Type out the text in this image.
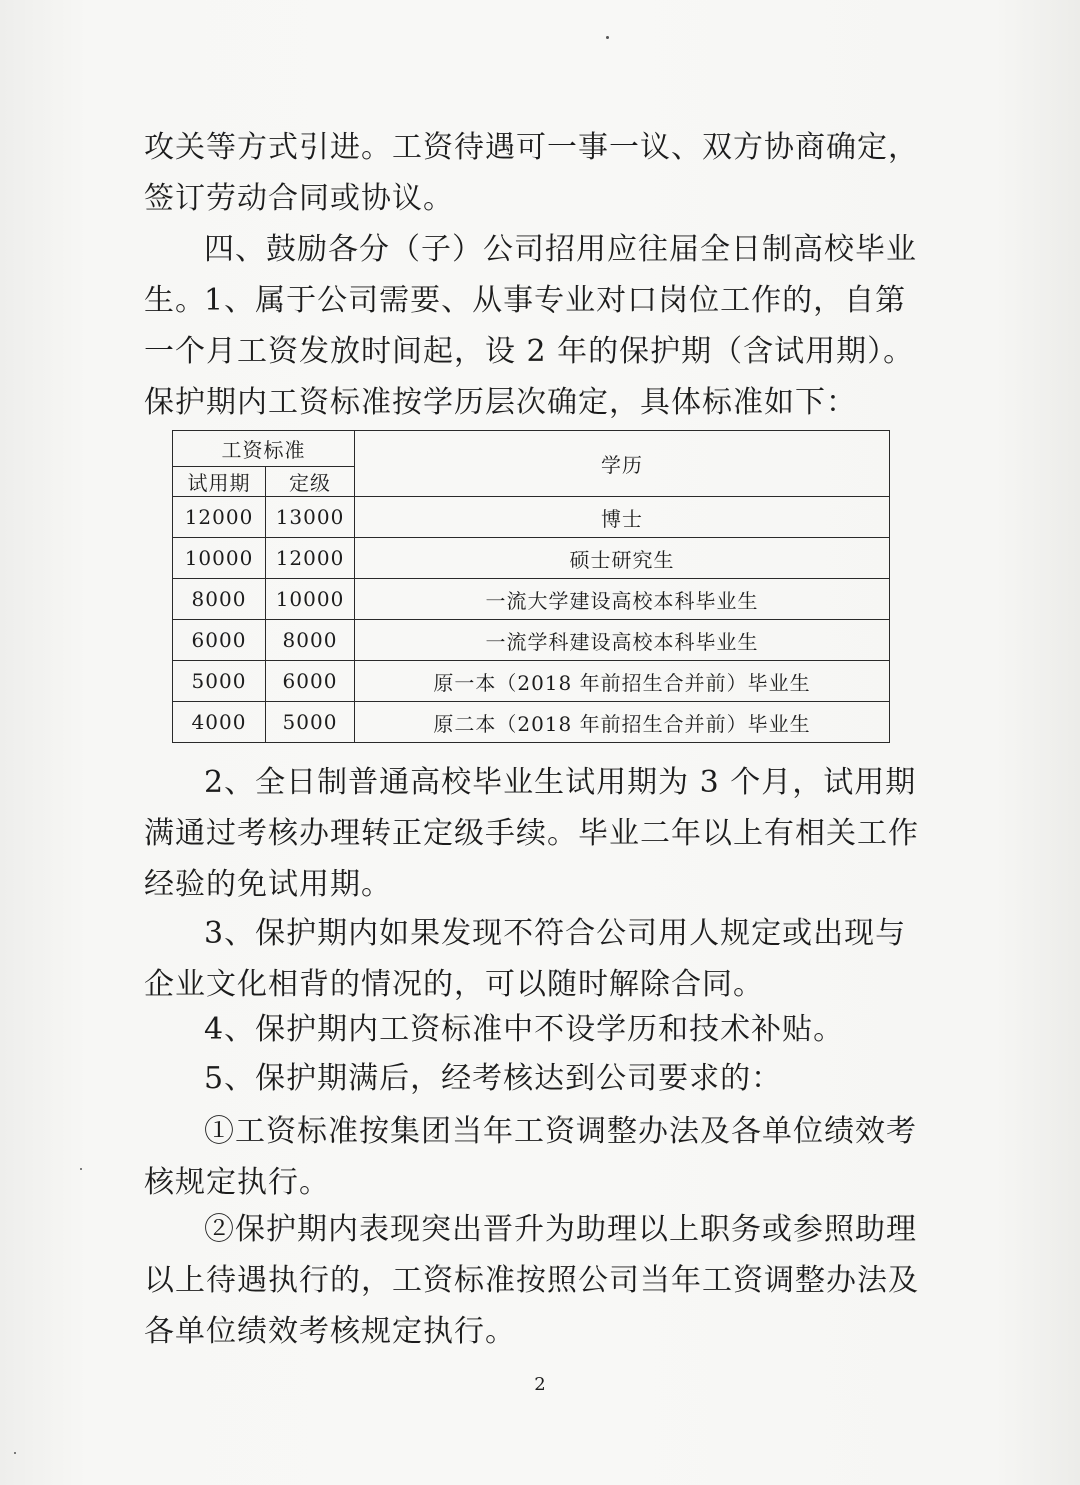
攻关等方式引进。工资待遇可一事一议、双方协商确定，签订劳动合同或协议。

四、鼓励各分（子）公司招用应往届全日制高校毕业生。

1、属于公司需要、从事专业对口岗位工作的，自第一个月工资发放时间起，设 2 年的保护期（含试用期）。保护期内工资标准按学历层次确定，具体标准如下：

工资标准		学历
试用期	定级	
12000	13000	博士
10000	12000	硕士研究生
8000	10000	一流大学建设高校本科毕业生
6000	8000	一流学科建设高校本科毕业生
5000	6000	原一本（2018 年前招生合并前）毕业生
4000	5000	原二本（2018 年前招生合并前）毕业生

2、全日制普通高校毕业生试用期为 3 个月，试用期满通过考核办理转正定级手续。毕业二年以上有相关工作经验的免试用期。

3、保护期内如果发现不符合公司用人规定或出现与企业文化相背的情况的，可以随时解除合同。

4、保护期内工资标准中不设学历和技术补贴。

5、保护期满后，经考核达到公司要求的：

①工资标准按集团当年工资调整办法及各单位绩效考核规定执行。

②保护期内表现突出晋升为助理以上职务或参照助理以上待遇执行的，工资标准按照公司当年工资调整办法及各单位绩效考核规定执行。

2
